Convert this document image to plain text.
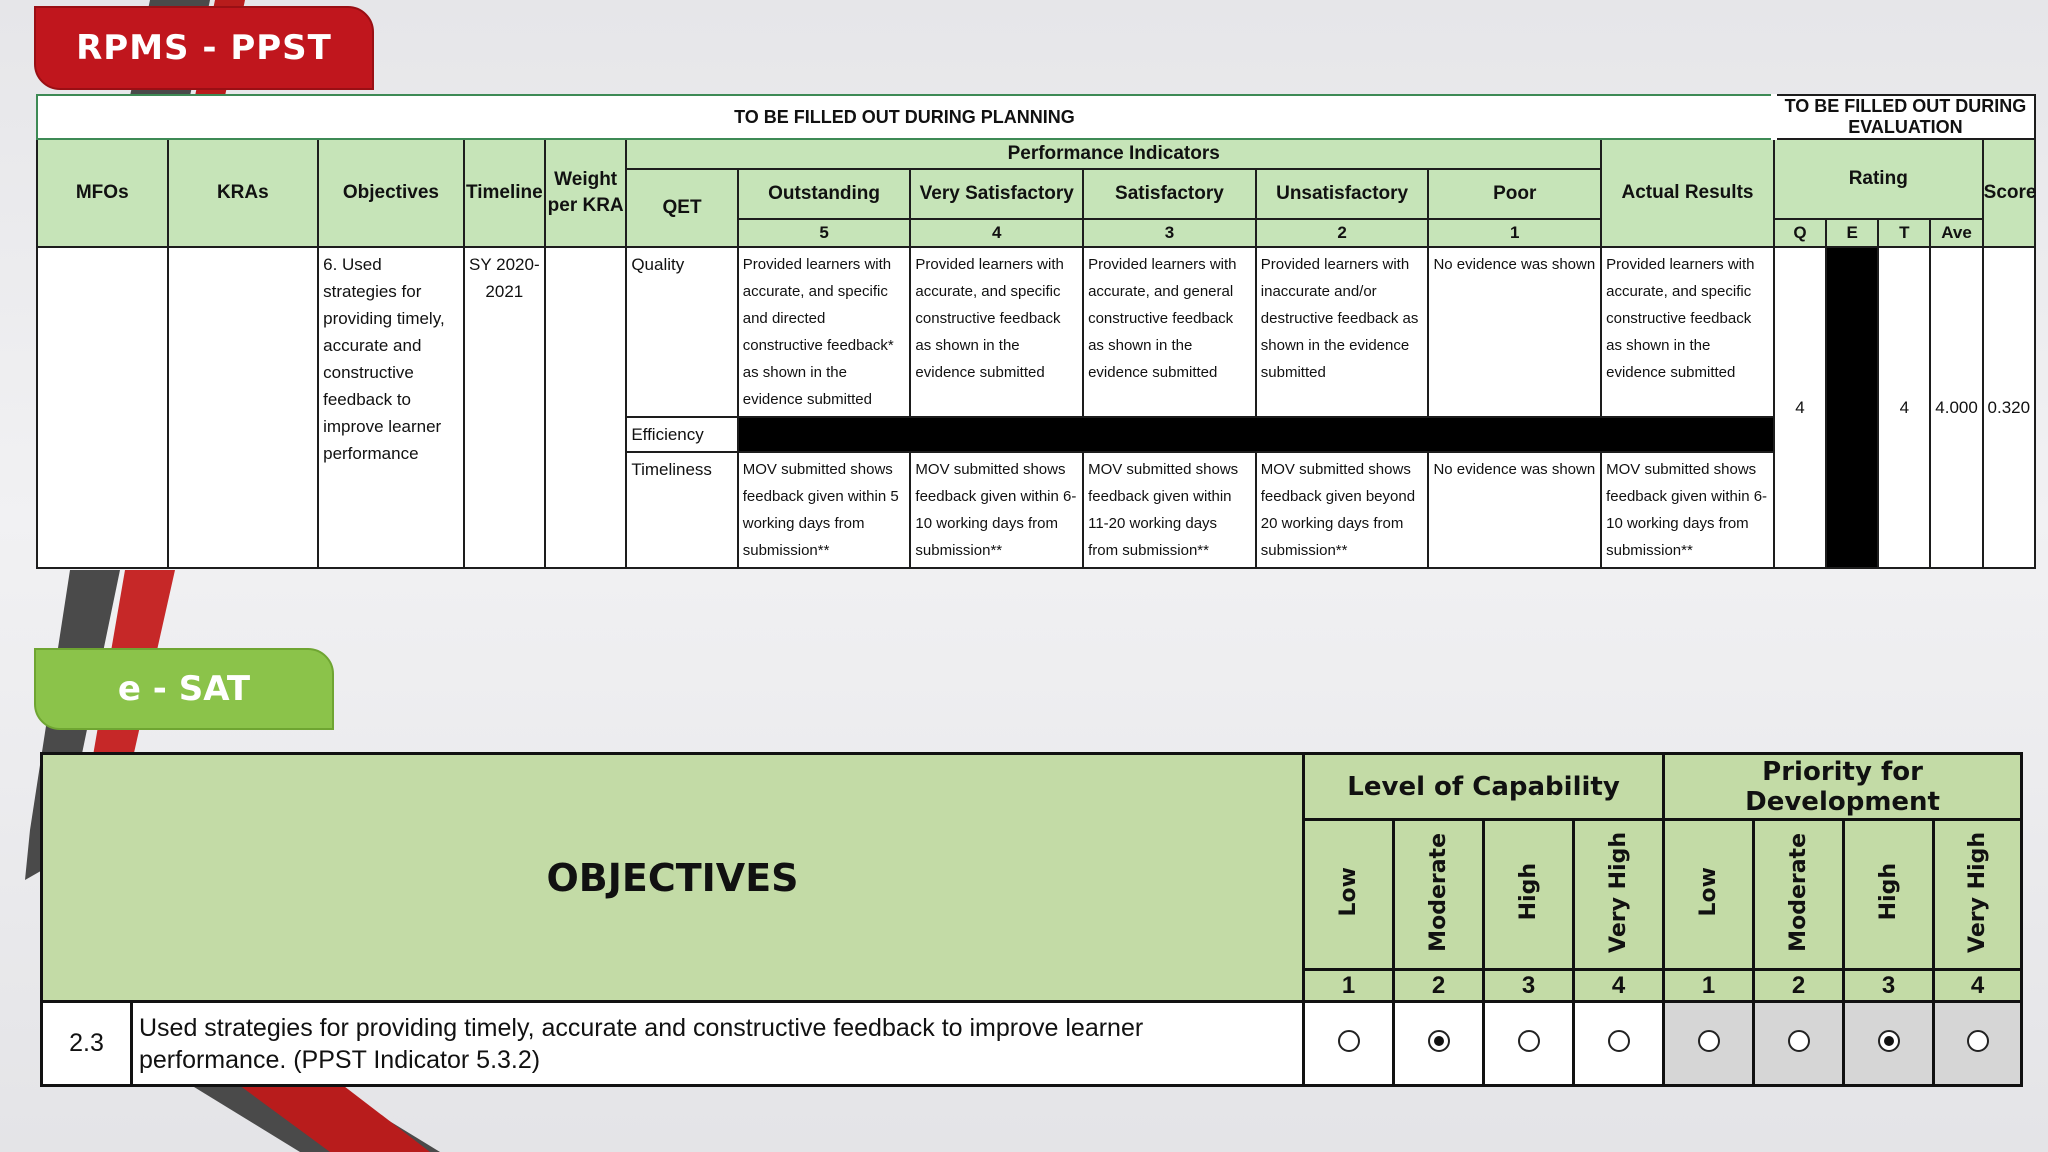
RPMS - PPST
TO BE FILLED OUT DURING PLANNING												TO BE FILLED OUT DURING EVALUATION				
MFOs	KRAs	Objectives	Timeline	Weight per KRA	Performance Indicators						Actual Results	Rating				Score
					QET	Outstanding	Very Satisfactory	Satisfactory	Unsatisfactory	Poor						
						5	4	3	2	1		Q	E	T	Ave	
		6. Used strategies for providing timely, accurate and constructive feedback to improve learner performance	SY 2020-2021		Quality	Provided learners with accurate, and specific and directed constructive feedback* as shown in the evidence submitted	Provided learners with accurate, and specific constructive feedback as shown in the evidence submitted	Provided learners with accurate, and general constructive feedback as shown in the evidence submitted	Provided learners with inaccurate and/or destructive feedback as shown in the evidence submitted	No evidence was shown	Provided learners with accurate, and specific constructive feedback as shown in the evidence submitted	4		4	4.000	0.320
					Efficiency											
					Timeliness	MOV submitted shows feedback given within 5 working days from submission**	MOV submitted shows feedback given within 6-10 working days from submission**	MOV submitted shows feedback given within 11-20 working days from submission**	MOV submitted shows feedback given beyond 20 working days from submission**	No evidence was shown	MOV submitted shows feedback given within 6-10 working days from submission**					
e - SAT
OBJECTIVES		Level of Capability				Priority for Development			
		Low	Moderate	High	Very High	Low	Moderate	High	Very High
		1	2	3	4	1	2	3	4
2.3	Used strategies for providing timely, accurate and constructive feedback to improve learner performance. (PPST Indicator 5.3.2)								
